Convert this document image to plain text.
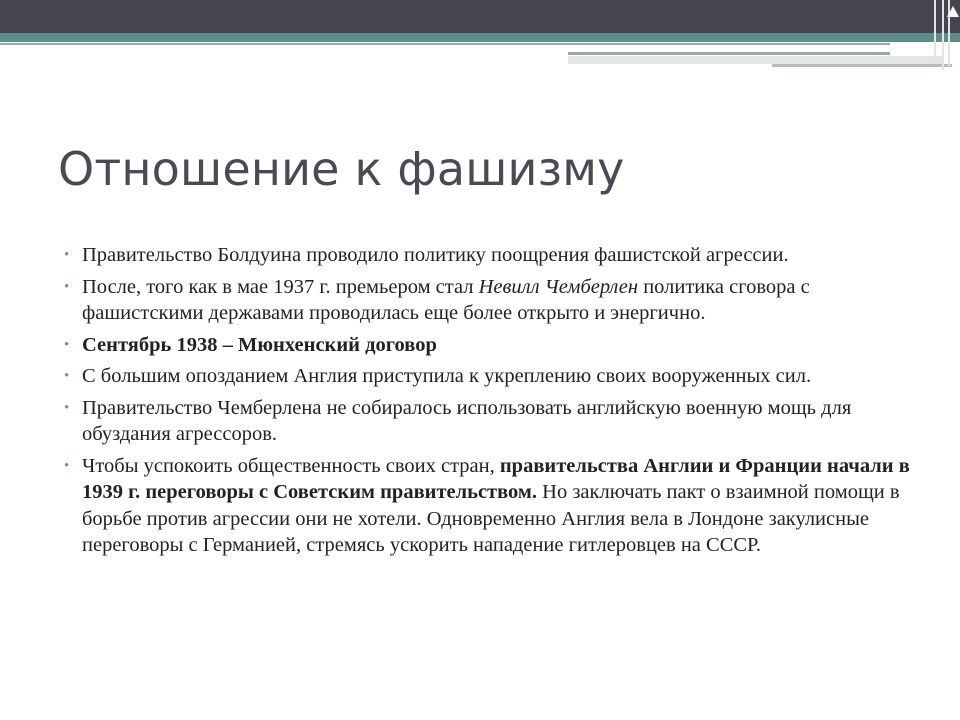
Отношение к фашизму
• Правительство Болдуина проводило политику поощрения фашистской агрессии.
• После, того как в мае 1937 г. премьером стал Невилл Чемберлен политика сговора с фашистскими державами проводилась еще более открыто и энергично.
• Сентябрь 1938 – Мюнхенский договор
• С большим опозданием Англия приступила к укреплению своих вооруженных сил.
• Правительство Чемберлена не собиралось использовать английскую военную мощь для обуздания агрессоров.
• Чтобы успокоить общественность своих стран, правительства Англии и Франции начали в 1939 г. переговоры с Советским правительством. Но заключать пакт о взаимной помощи в борьбе против агрессии они не хотели. Одновременно Англия вела в Лондоне закулисные переговоры с Германией, стремясь ускорить нападение гитлеровцев на СССР.
